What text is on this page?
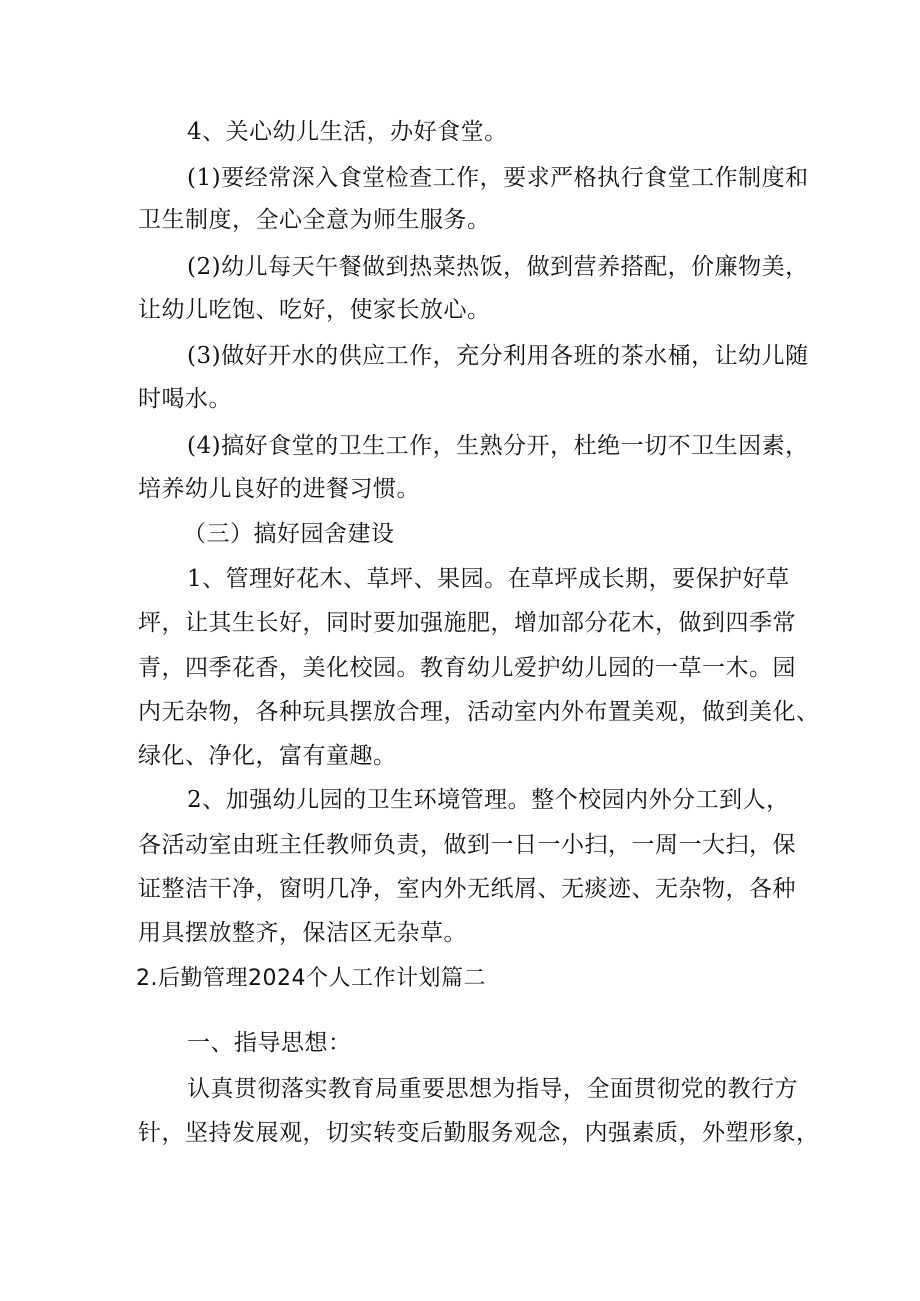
4、关心幼儿生活，办好食堂。
(1)要经常深入食堂检查工作，要求严格执行食堂工作制度和
卫生制度，全心全意为师生服务。
(2)幼儿每天午餐做到热菜热饭，做到营养搭配，价廉物美，
让幼儿吃饱、吃好，使家长放心。
(3)做好开水的供应工作，充分利用各班的茶水桶，让幼儿随
时喝水。
(4)搞好食堂的卫生工作，生熟分开，杜绝一切不卫生因素，
培养幼儿良好的进餐习惯。
（三）搞好园舍建设
1、管理好花木、草坪、果园。在草坪成长期，要保护好草
坪，让其生长好，同时要加强施肥，增加部分花木，做到四季常
青，四季花香，美化校园。教育幼儿爱护幼儿园的一草一木。园
内无杂物，各种玩具摆放合理，活动室内外布置美观，做到美化、
绿化、净化，富有童趣。
2、加强幼儿园的卫生环境管理。整个校园内外分工到人，
各活动室由班主任教师负责，做到一日一小扫，一周一大扫，保
证整洁干净，窗明几净，室内外无纸屑、无痰迹、无杂物，各种
用具摆放整齐，保洁区无杂草。
2.后勤管理2024个人工作计划篇二
一、指导思想：
认真贯彻落实教育局重要思想为指导，全面贯彻党的教行方
针，坚持发展观，切实转变后勤服务观念，内强素质，外塑形象，
